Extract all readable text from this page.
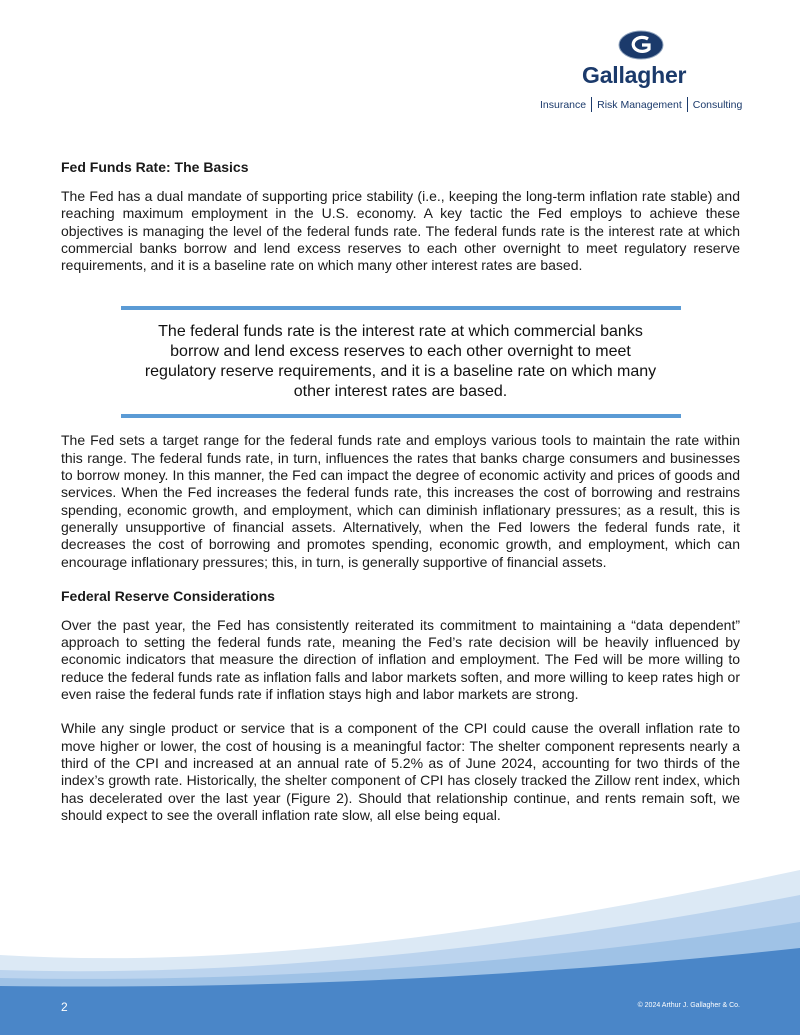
Gallagher
Insurance Risk Management Consulting
Fed Funds Rate: The Basics

The Fed has a dual mandate of supporting price stability (i.e., keeping the long-term inflation rate stable) and reaching maximum employment in the U.S. economy. A key tactic the Fed employs to achieve these objectives is managing the level of the federal funds rate. The federal funds rate is the interest rate at which commercial banks borrow and lend excess reserves to each other overnight to meet regulatory reserve requirements, and it is a baseline rate on which many other interest rates are based.

The federal funds rate is the interest rate at which commercial banks borrow and lend excess reserves to each other overnight to meet regulatory reserve requirements, and it is a baseline rate on which many other interest rates are based.

The Fed sets a target range for the federal funds rate and employs various tools to maintain the rate within this range. The federal funds rate, in turn, influences the rates that banks charge consumers and businesses to borrow money. In this manner, the Fed can impact the degree of economic activity and prices of goods and services. When the Fed increases the federal funds rate, this increases the cost of borrowing and restrains spending, economic growth, and employment, which can diminish inflationary pressures; as a result, this is generally unsupportive of financial assets. Alternatively, when the Fed lowers the federal funds rate, it decreases the cost of borrowing and promotes spending, economic growth, and employment, which can encourage inflationary pressures; this, in turn, is generally supportive of financial assets.

Federal Reserve Considerations

Over the past year, the Fed has consistently reiterated its commitment to maintaining a “data dependent” approach to setting the federal funds rate, meaning the Fed’s rate decision will be heavily influenced by economic indicators that measure the direction of inflation and employment. The Fed will be more willing to reduce the federal funds rate as inflation falls and labor markets soften, and more willing to keep rates high or even raise the federal funds rate if inflation stays high and labor markets are strong.

While any single product or service that is a component of the CPI could cause the overall inflation rate to move higher or lower, the cost of housing is a meaningful factor: The shelter component represents nearly a third of the CPI and increased at an annual rate of 5.2% as of June 2024, accounting for two thirds of the index’s growth rate. Historically, the shelter component of CPI has closely tracked the Zillow rent index, which has decelerated over the last year (Figure 2). Should that relationship continue, and rents remain soft, we should expect to see the overall inflation rate slow, all else being equal.

2	© 2024 Arthur J. Gallagher & Co.
